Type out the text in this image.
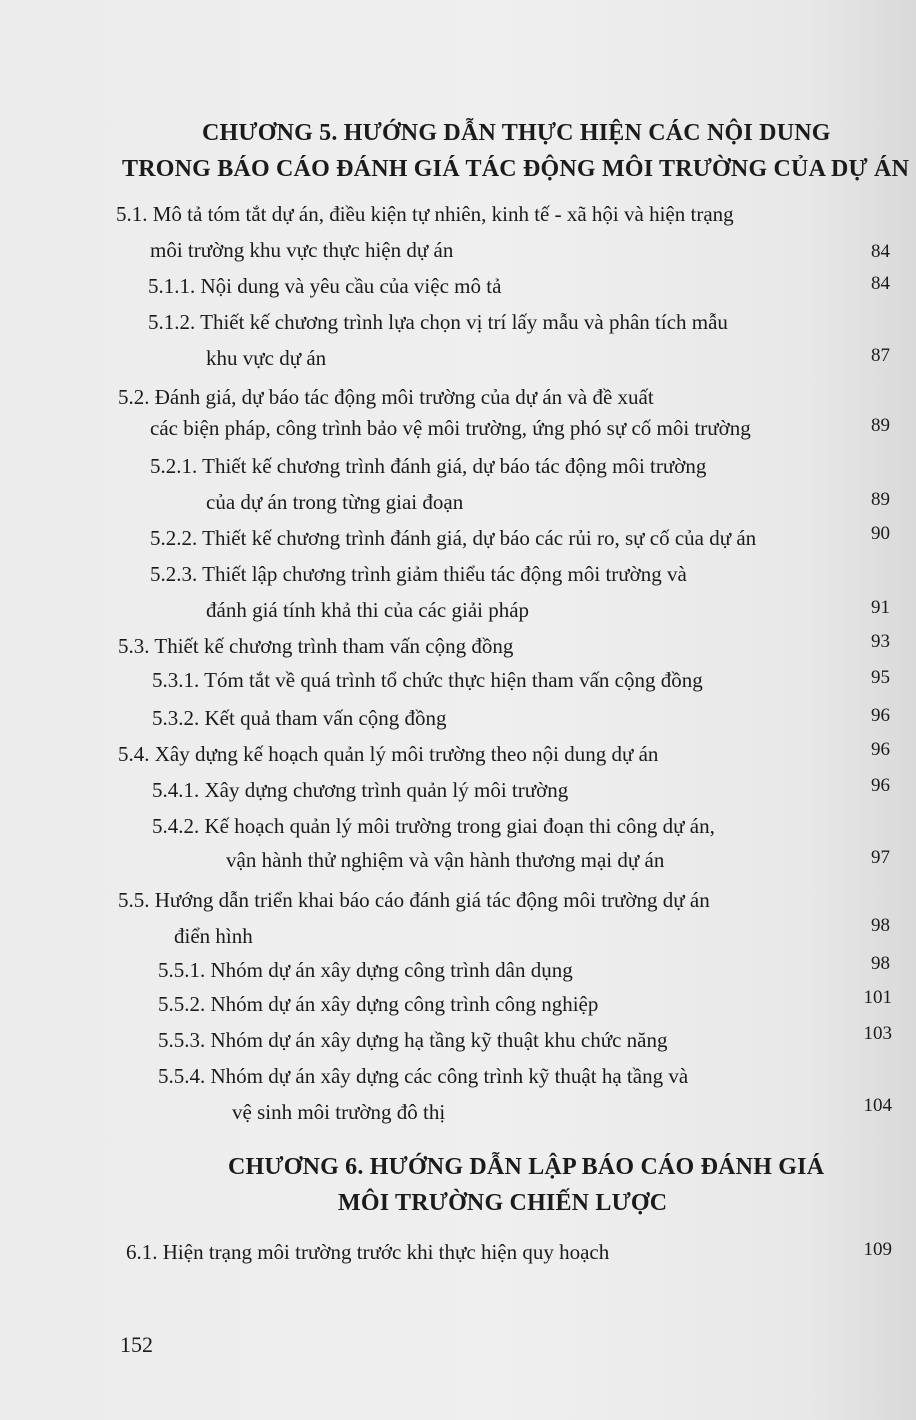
CHƯƠNG 5. HƯỚNG DẪN THỰC HIỆN CÁC NỘI DUNG
TRONG BÁO CÁO ĐÁNH GIÁ TÁC ĐỘNG MÔI TRƯỜNG CỦA DỰ ÁN
5.1. Mô tả tóm tắt dự án, điều kiện tự nhiên, kinh tế - xã hội và hiện trạng
môi trường khu vực thực hiện dự án	84
5.1.1. Nội dung và yêu cầu của việc mô tả	84
5.1.2. Thiết kế chương trình lựa chọn vị trí lấy mẫu và phân tích mẫu
khu vực dự án	87
5.2. Đánh giá, dự báo tác động môi trường của dự án và đề xuất
các biện pháp, công trình bảo vệ môi trường, ứng phó sự cố môi trường	89
5.2.1. Thiết kế chương trình đánh giá, dự báo tác động môi trường
của dự án trong từng giai đoạn	89
5.2.2. Thiết kế chương trình đánh giá, dự báo các rủi ro, sự cố của dự án	90
5.2.3. Thiết lập chương trình giảm thiểu tác động môi trường và
đánh giá tính khả thi của các giải pháp	91
5.3. Thiết kế chương trình tham vấn cộng đồng	93
5.3.1. Tóm tắt về quá trình tổ chức thực hiện tham vấn cộng đồng	95
5.3.2. Kết quả tham vấn cộng đồng	96
5.4. Xây dựng kế hoạch quản lý môi trường theo nội dung dự án	96
5.4.1. Xây dựng chương trình quản lý môi trường	96
5.4.2. Kế hoạch quản lý môi trường trong giai đoạn thi công dự án,
vận hành thử nghiệm và vận hành thương mại dự án	97
5.5. Hướng dẫn triển khai báo cáo đánh giá tác động môi trường dự án
điển hình	98
5.5.1. Nhóm dự án xây dựng công trình dân dụng	98
5.5.2. Nhóm dự án xây dựng công trình công nghiệp	101
5.5.3. Nhóm dự án xây dựng hạ tầng kỹ thuật khu chức năng	103
5.5.4. Nhóm dự án xây dựng các công trình kỹ thuật hạ tầng và
vệ sinh môi trường đô thị	104
CHƯƠNG 6. HƯỚNG DẪN LẬP BÁO CÁO ĐÁNH GIÁ
MÔI TRƯỜNG CHIẾN LƯỢC
6.1. Hiện trạng môi trường trước khi thực hiện quy hoạch	109
152
